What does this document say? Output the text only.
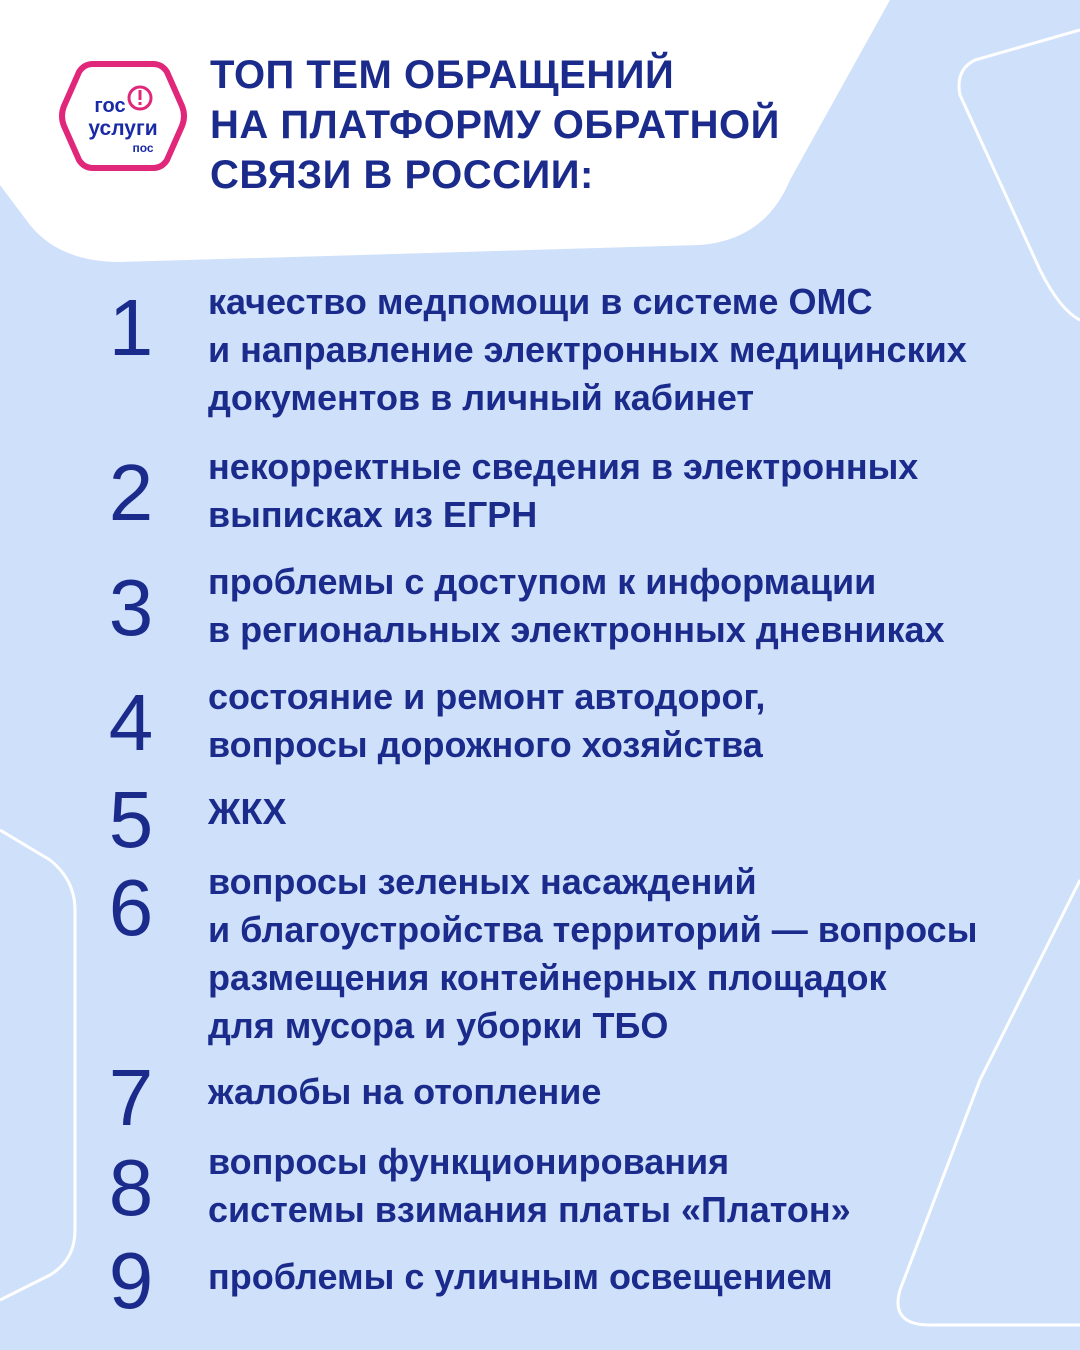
гос
услуги
пос
ТОП ТЕМ ОБРАЩЕНИЙ
НА ПЛАТФОРМУ ОБРАТНОЙ
СВЯЗИ В РОССИИ:
1	качество медпомощи в системе ОМС
и направление электронных медицинских
документов в личный кабинет
2	некорректные сведения в электронных
выписках из ЕГРН
3	проблемы с доступом к информации
в региональных электронных дневниках
4	состояние и ремонт автодорог,
вопросы дорожного хозяйства
5	ЖКХ
6	вопросы зеленых насаждений
и благоустройства территорий — вопросы
размещения контейнерных площадок
для мусора и уборки ТБО
7	жалобы на отопление
8	вопросы функционирования
системы взимания платы «Платон»
9	проблемы с уличным освещением
